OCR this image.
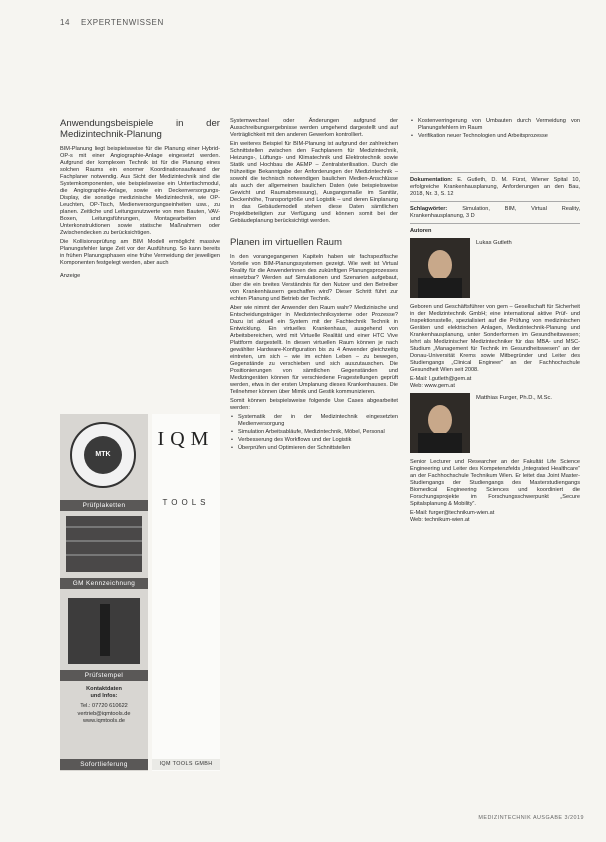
14 EXPERTENWISSEN
Anwendungsbeispiele in der Medizintechnik-Planung

BIM-Planung liegt beispielsweise für die Planung einer Hybrid-OP-s mit einer Angiographie-Anlage eingesetzt werden. Aufgrund der komplexen Technik ist für die Planung eines solchen Raums ein enormer Koordinationsaufwand der Fachplaner notwendig. Aus Sicht der Medizintechnik sind die Systemkomponenten, wie beispielsweise ein Untertischmodul, die Angiographie-Anlage, sowie ein Deckenversorgungs-Display, die sonstige medizinische Medizintechnik, wie OP-Leuchten, OP-Tisch, Medienversorgungseinheiten usw., zu planen. Zeitliche und Leitungsnutzwerte von men Bauten, VAV-Boxen, Leitungsführungen, Montagearbeiten und Unterkonstruktionen sowie statische Maßnahmen oder Zwischendecken zu berücksichtigen.

Die Kollisionsprüfung am BIM Modell ermöglicht massive Planungsfehler lange Zeit vor der Ausführung. So kann bereits in frühen Planungsphasen eine frühe Vermeidung der jeweiligen Komponenten festgelegt werden, aber auch

Anzeige
MTK
Prüfplaketten
GM Kennzeichnung
Prüfstempel
Kontaktdaten
und Infos:
Tel.: 07720 610622
vertrieb@iqmtools.de
www.iqmtools.de
Sofortlieferung
IQM
TOOLS
IQM TOOLS GMBH

Systemwechsel oder Änderungen aufgrund der Ausschreibungsergebnisse werden umgehend dargestellt und auf Verträglichkeit mit den anderen Gewerken kontrolliert.

Ein weiteres Beispiel für BIM-Planung ist aufgrund der zahlreichen Schnittstellen zwischen den Fachplanern für Medizintechnik, Heizungs-, Lüftungs- und Klimatechnik und Elektrotechnik sowie Statik und Hochbau die AEMP – Zentralsterilisation. Durch die frühzeitige Bekanntgabe der Anforderungen der Medizintechnik – sowohl die technisch notwendigen baulichen Medien-Anschlüsse als auch der allgemeinen baulichen Daten (wie beispielsweise Gewicht und Raumabmessung), Ausgangsmaße im Sanitär, Deckenhöhe, Transportgröße und Logistik – und deren Einplanung in das Gebäudemodell stehen diese Daten sämtlichen Projektbeteiligten zur Verfügung und können somit bei der Gebäudeplanung berücksichtigt werden.

Planen im virtuellen Raum

In den vorangegangenen Kapiteln haben wir fachspezifische Vorteile von BIM-Planungssystemen gezeigt. Wie weit ist Virtual Reality für die Anwenderinnen des zukünftigen Planungsprozesses einsetzbar? Werden auf Simulationen und Szenarien aufgebaut, über die ein breites Verständnis für den Nutzer und den Betreiber von Krankenhäusern geschaffen wird? Dieser Schritt führt zur echten Planung und Betrieb der Technik.

Aber wie nimmt der Anwender den Raum wahr? Medizinische und Entscheidungsträger in Medizintechniksysteme oder Prozesse? Dazu ist aktuell ein System mit der Fachtechnik Technik in Entwicklung. Ein virtuelles Krankenhaus, ausgehend von Arbeitsbereichen, wird mit Virtuelle Realität und einer HTC Vive Plattform dargestellt. In diesen virtuellen Raum können je nach gewählter Hardware-Konfiguration bis zu 4 Anwender gleichzeitig eintreten, um sich – wie im echten Leben – zu bewegen, Gegenstände zu verschieben und sich auszutauschen. Die Positionierungen von sämtlichen Gegenständen und Medizingeräten können für verschiedene Fragestellungen geprüft werden, etwa in der ersten Umplanung dieses Krankenhauses. Die Teilnehmer können über Mimik und Gestik kommunizieren.

Somit können beispielsweise folgende Use Cases abgearbeitet werden:

• Systematik der in der Medizintechnik eingesetzten Medienversorgung
• Simulation Arbeitsabläufe, Medizintechnik, Möbel, Personal
• Verbesserung des Workflows und der Logistik
• Überprüfen und Optimieren der Schnittstellen
• Kostenverringerung von Umbauten durch Vermeidung von Planungsfehlern im Raum
• Verifikation neuer Technologien und Arbeitsprozesse

Dokumentation: E. Gutleth, D. M. Fürst, Wiener Spital 10, erfolgreiche Krankenhausplanung, Anforderungen an den Bau, 2018, Nr. 3, S. 12

Schlagwörter:	Simulation, BIM, Virtual Reality, Krankenhausplanung, 3 D

Autoren
Lukas Gutleth

Geboren und Geschäftsführer von gem – Gesellschaft für Sicherheit in der Medizintechnik GmbH; eine international aktive Prüf- und Inspektionsstelle, spezialisiert auf die Prüfung von medizinischen Geräten und elektrischen Anlagen, Medizintechnik-Planung und Krankenhausplanung, unter Sonderformen im Gesundheitswesen; lehrt als Medizinischer Medizintechniker für das MBA- und MSC-Studium „Management für Technik im Gesundheitswesen“ an der Donau-Universität Krems sowie Mitbegründer und Leiter des Studiengangs „Clinical Engineer“ an der Fachhochschule Gesundheit Wien seit 2008.

E-Mail: l.gutleth@gem.at
Web: www.gem.at
Matthias Furger, Ph.D., M.Sc.

Senior Lecturer und Researcher an der Fakultät Life Science Engineering und Leiter des Kompetenzfelds „Integrated Healthcare“ an der Fachhochschule Technikum Wien. Er leitet das Joint Master-Studiengangs der Studiengangs des Masterstudiengangs Biomedical Engineering Sciences und koordiniert die Forschungsprojekte im Forschungsschwerpunkt „Secure Spitalsplanung & Mobility“.

E-Mail: furger@technikum-wien.at
Web: technikum-wien.at
MEDIZINTECHNIK AUSGABE 3/2019
